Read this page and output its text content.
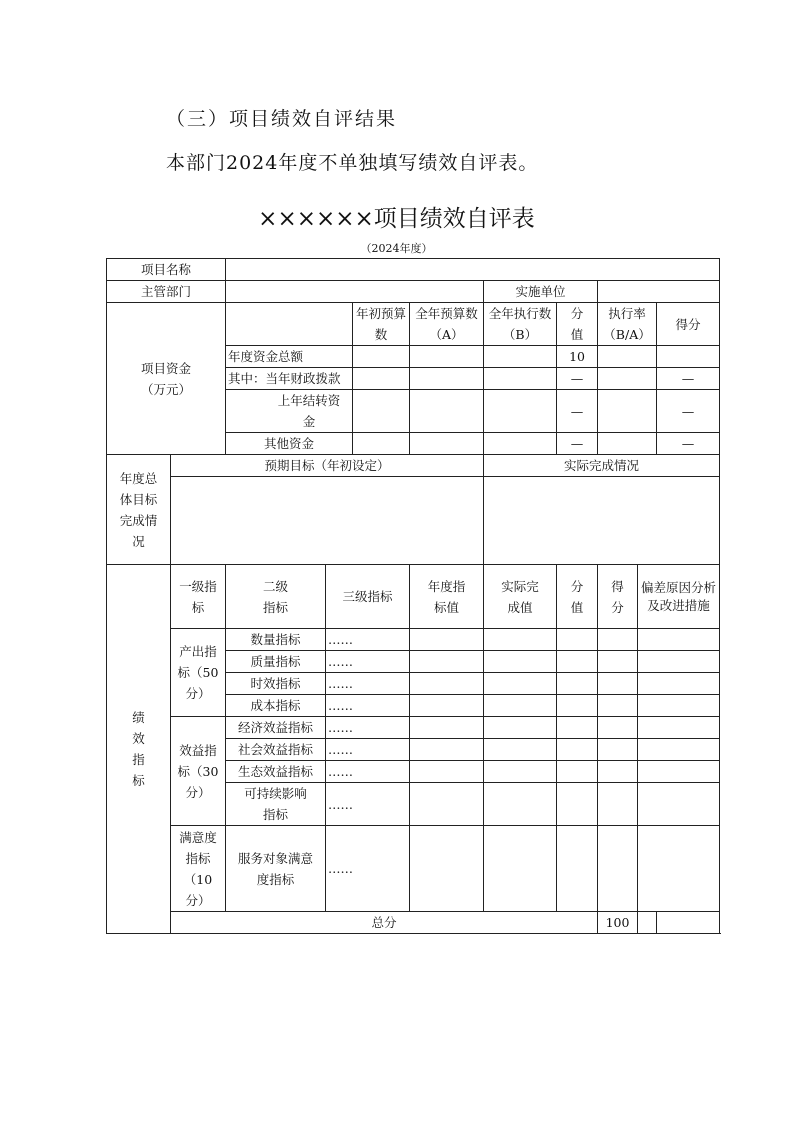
（三）项目绩效自评结果
本部门2024年度不单独填写绩效自评表。
××××××项目绩效自评表
（2024年度）
项目名称										
主管部门						实施单位				
项目资金（万元）				年初预算数	全年预算数（A）	全年执行数（B）	分值	执行率（B/A）		得分
		年度资金总额					10			
		其中：当年财政拨款					—			—
		上年结转资金					—			—
		其他资金					—			—
年度总体目标完成情况	预期目标（年初设定）					实际完成情况				

绩效指标	一级指标	二级指标	三级指标		年度指标值	实际完成值	分值	得分	偏差原因分析及改进措施	
	产出指标（50分）	数量指标	……							
		质量指标	……							
		时效指标	……							
		成本指标	……							
	效益指标（30分）	经济效益指标	……							
		社会效益指标	……							
		生态效益指标	……							
		可持续影响指标	……							
	满意度指标（10分）	服务对象满意度指标	……							
	总分							100		
